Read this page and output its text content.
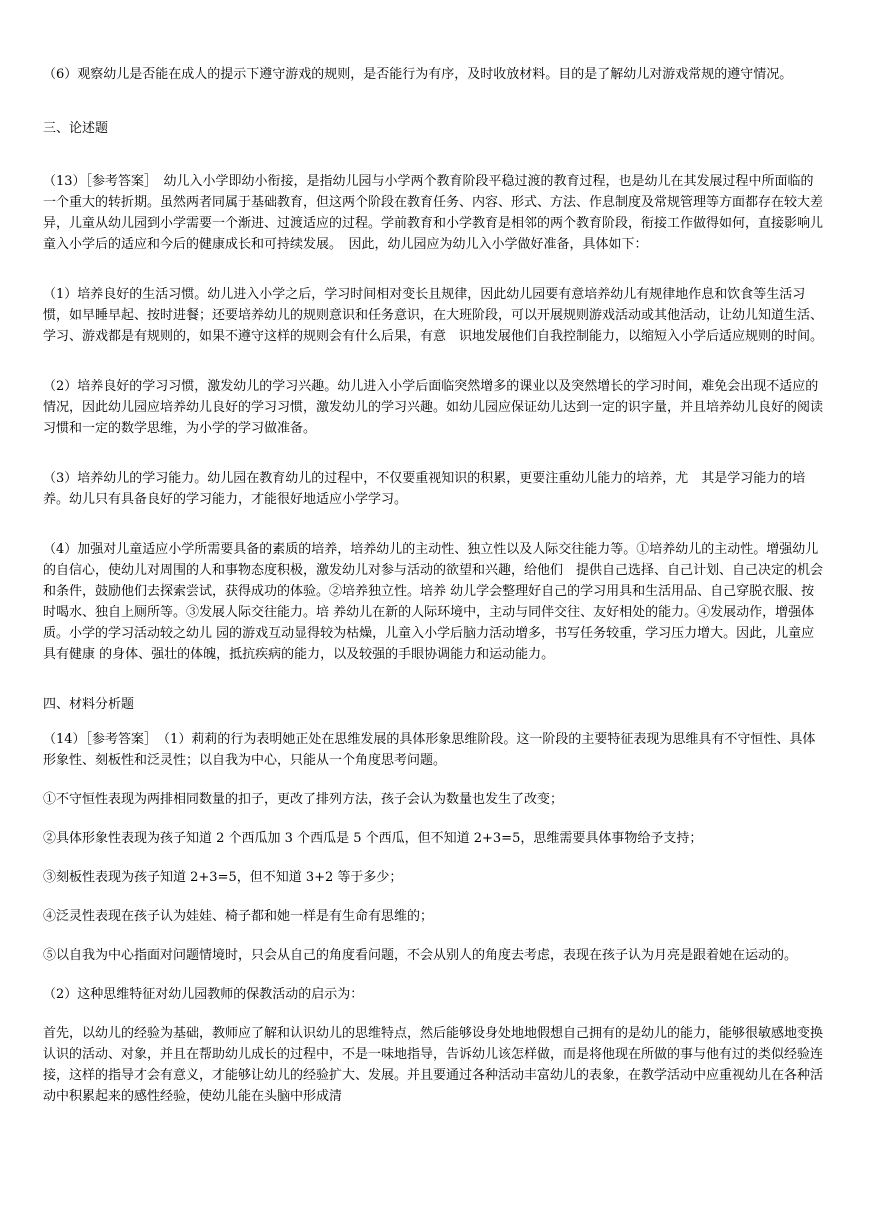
（6）观察幼儿是否能在成人的提示下遵守游戏的规则，是否能行为有序，及时收放材料。目的是了解幼儿对游戏常规的遵守情况。

三、论述题

（13）［参考答案］　幼儿入小学即幼小衔接，是指幼儿园与小学两个教育阶段平稳过渡的教育过程，也是幼儿在其发展过程中所面临的一个重大的转折期。虽然两者同属于基础教育，但这两个阶段在教育任务、内容、形式、方法、作息制度及常规管理等方面都存在较大差异，儿童从幼儿园到小学需要一个渐进、过渡适应的过程。学前教育和小学教育是相邻的两个教育阶段，衔接工作做得如何，直接影响儿童入小学后的适应和今后的健康成长和可持续发展。　因此，幼儿园应为幼儿入小学做好准备，具体如下：

（1）培养良好的生活习惯。幼儿进入小学之后，学习时间相对变长且规律，因此幼儿园要有意培养幼儿有规律地作息和饮食等生活习惯，如早睡早起、按时进餐；还要培养幼儿的规则意识和任务意识，在大班阶段，可以开展规则游戏活动或其他活动，让幼儿知道生活、学习、游戏都是有规则的，如果不遵守这样的规则会有什么后果，有意　识地发展他们自我控制能力，以缩短入小学后适应规则的时间。

（2）培养良好的学习习惯，激发幼儿的学习兴趣。幼儿进入小学后面临突然增多的课业以及突然增长的学习时间，难免会出现不适应的情况，因此幼儿园应培养幼儿良好的学习习惯，激发幼儿的学习兴趣。如幼儿园应保证幼儿达到一定的识字量，并且培养幼儿良好的阅读习惯和一定的数学思维，为小学的学习做准备。

（3）培养幼儿的学习能力。幼儿园在教育幼儿的过程中，不仅要重视知识的积累，更要注重幼儿能力的培养，尤　其是学习能力的培养。幼儿只有具备良好的学习能力，才能很好地适应小学学习。

（4）加强对儿童适应小学所需要具备的素质的培养，培养幼儿的主动性、独立性以及人际交往能力等。①培养幼儿的主动性。增强幼儿的自信心，使幼儿对周围的人和事物态度积极，激发幼儿对参与活动的欲望和兴趣，给他们　提供自己选择、自己计划、自己决定的机会和条件，鼓励他们去探索尝试，获得成功的体验。②培养独立性。培养 幼儿学会整理好自己的学习用具和生活用品、自己穿脱衣服、按时喝水、独自上厕所等。③发展人际交往能力。培 养幼儿在新的人际环境中，主动与同伴交往、友好相处的能力。④发展动作，增强体质。小学的学习活动较之幼儿 园的游戏互动显得较为枯燥，儿童入小学后脑力活动增多，书写任务较重，学习压力增大。因此，儿童应具有健康 的身体、强壮的体魄，抵抗疾病的能力，以及较强的手眼协调能力和运动能力。

四、材料分析题

（14）［参考答案］　（1）莉莉的行为表明她正处在思维发展的具体形象思维阶段。这一阶段的主要特征表现为思维具有不守恒性、具体形象性、刻板性和泛灵性；以自我为中心，只能从一个角度思考问题。

①不守恒性表现为两排相同数量的扣子，更改了排列方法，孩子会认为数量也发生了改变；

②具体形象性表现为孩子知道 2 个西瓜加 3 个西瓜是 5 个西瓜，但不知道 2+3=5，思维需要具体事物给予支持；

③刻板性表现为孩子知道 2+3=5，但不知道 3+2 等于多少；

④泛灵性表现在孩子认为娃娃、椅子都和她一样是有生命有思维的；

⑤以自我为中心指面对问题情境时，只会从自己的角度看问题，不会从别人的角度去考虑，表现在孩子认为月亮是跟着她在运动的。

（2）这种思维特征对幼儿园教师的保教活动的启示为：

首先，以幼儿的经验为基础，教师应了解和认识幼儿的思维特点，然后能够设身处地地假想自己拥有的是幼儿的能力，能够很敏感地变换认识的活动、对象，并且在帮助幼儿成长的过程中，不是一味地指导，告诉幼儿该怎样做，而是将他现在所做的事与他有过的类似经验连接，这样的指导才会有意义，才能够让幼儿的经验扩大、发展。并且要通过各种活动丰富幼儿的表象，在教学活动中应重视幼儿在各种活动中积累起来的感性经验，使幼儿能在头脑中形成清
